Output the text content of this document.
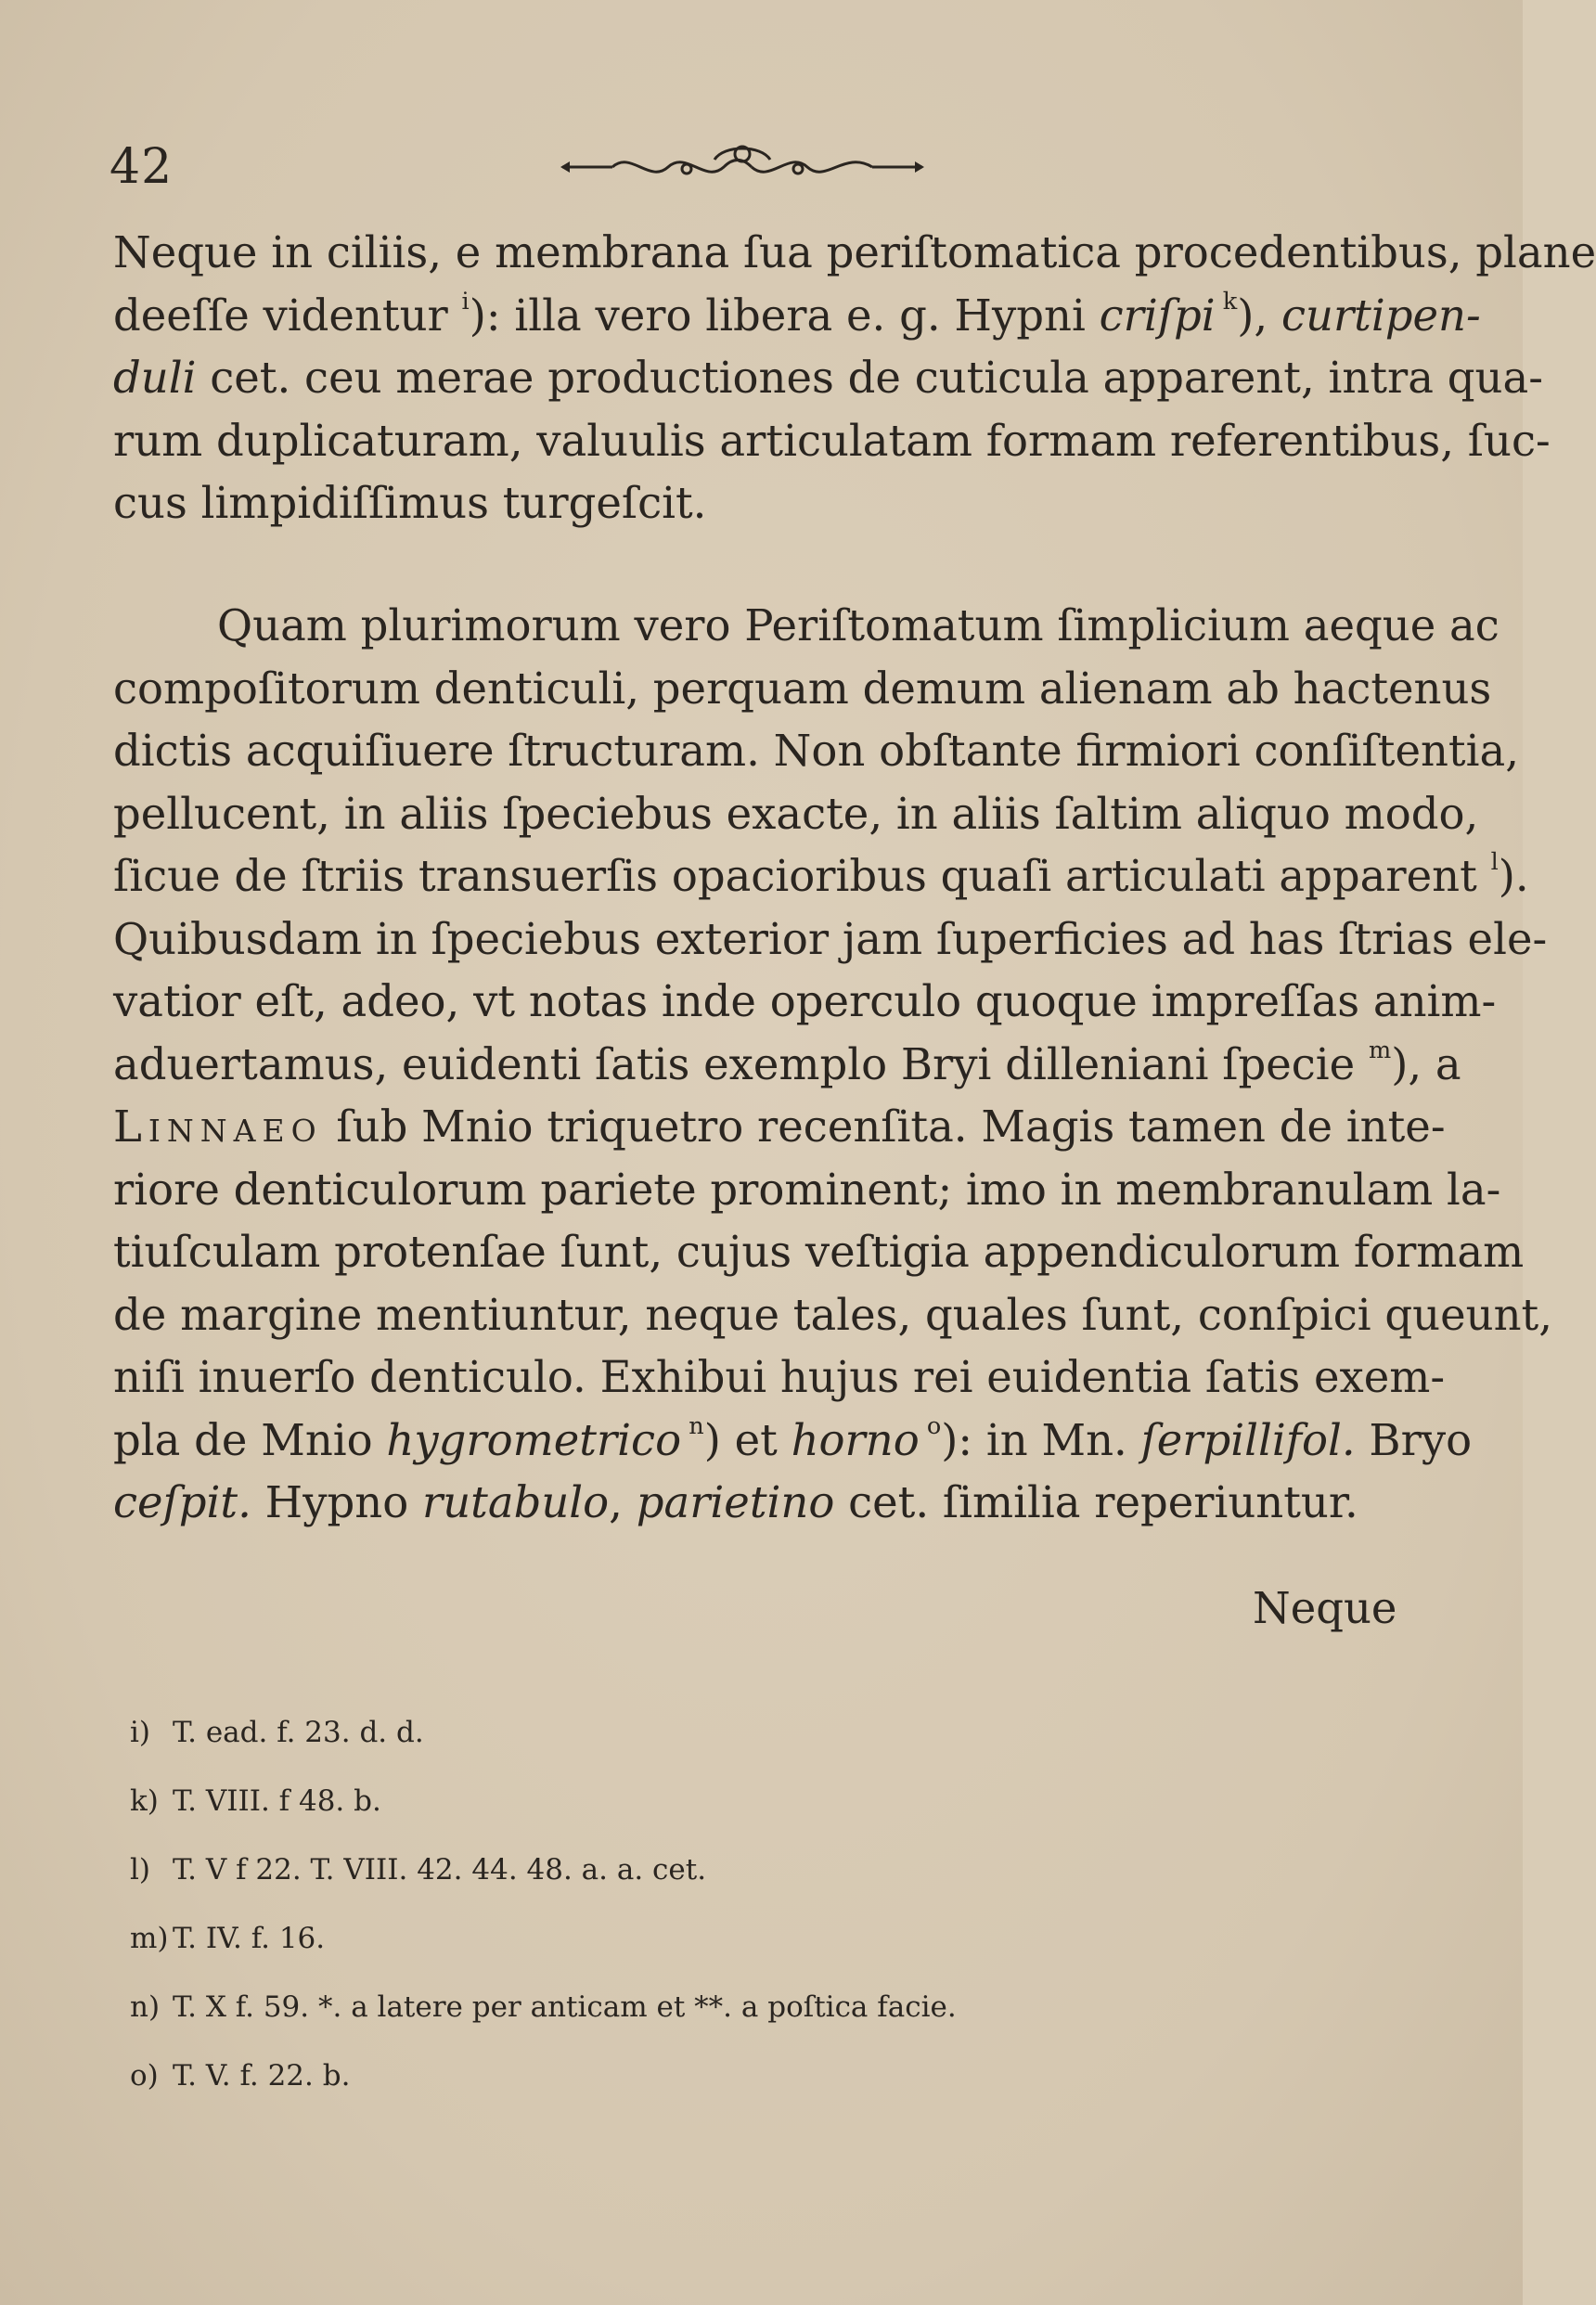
42
Neque in ciliis, e membrana ſua periſtomatica procedentibus, plane
deeſſe videntur $^i$): illa vero libera e. g. Hypni criſpi $^k$), curtipen-
duli cet. ceu merae productiones de cuticula apparent, intra qua-
rum duplicaturam, valuulis articulatam formam referentibus, ſuc-
cus limpidiſſimus turgeſcit.
Quam plurimorum vero Periſtomatum ſimplicium aeque ac
compoſitorum denticuli, perquam demum alienam ab hactenus
dictis acquiſiuere ſtructuram. Non obſtante firmiori conſiſtentia,
pellucent, in aliis ſpeciebus exacte, in aliis ſaltim aliquo modo,
ſicue de ſtriis transuerſis opacioribus quaſi articulati apparent $^l$).
Quibusdam in ſpeciebus exterior jam ſuperficies ad has ſtrias ele-
vatior eſt, adeo, vt notas inde operculo quoque impreſſas anim-
aduertamus, euidenti ſatis exemplo Bryi dilleniani ſpecie $^m$), a
Linnaeo ſub Mnio triquetro recenſita. Magis tamen de inte-
riore denticulorum pariete prominent; imo in membranulam la-
tiuſculam protenſae ſunt, cujus veſtigia appendiculorum formam
de margine mentiuntur, neque tales, quales ſunt, conſpici queunt,
niſi inuerſo denticulo. Exhibui hujus rei euidentia ſatis exem-
pla de Mnio hygrometrico $^n$) et horno $^o$): in Mn. ſerpillifol. Bryo
ceſpit. Hypno rutabulo, parietino cet. ſimilia reperiuntur.
Neque
i) T. ead. f. 23. d. d.
k) T. VIII. f 48. b.
l) T. V f 22. T. VIII. 42. 44. 48. a. a. cet.
m) T. IV. f. 16.
n) T. X f. 59. *. a latere per anticam et **. a poſtica facie.
o) T. V. f. 22. b.
